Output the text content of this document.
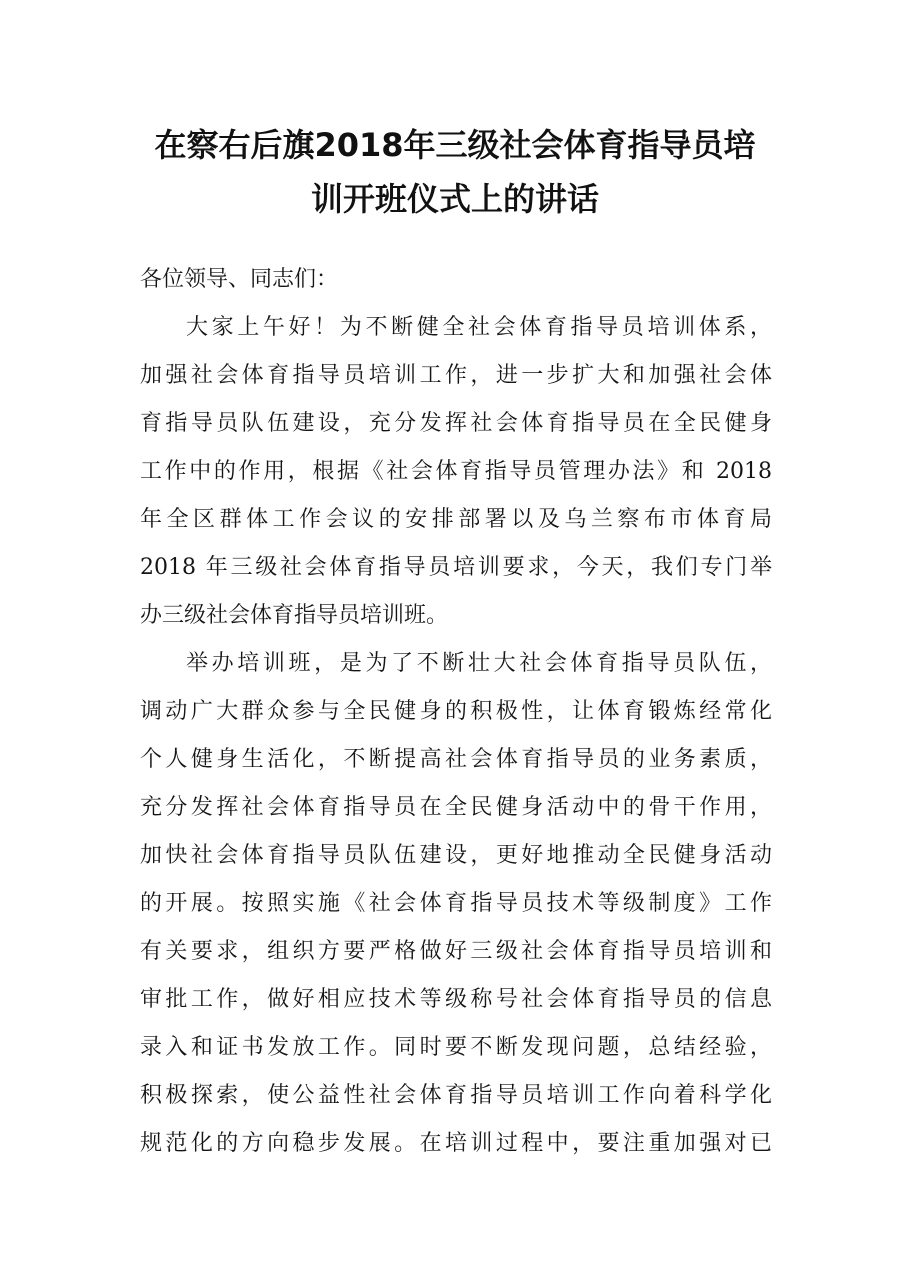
在察右后旗2018年三级社会体育指导员培
训开班仪式上的讲话
各位领导、同志们：
大家上午好！为不断健全社会体育指导员培训体系，
加强社会体育指导员培训工作，进一步扩大和加强社会体
育指导员队伍建设，充分发挥社会体育指导员在全民健身
工作中的作用，根据《社会体育指导员管理办法》和 2018
年全区群体工作会议的安排部署以及乌兰察布市体育局
2018 年三级社会体育指导员培训要求，今天，我们专门举
办三级社会体育指导员培训班。
举办培训班，是为了不断壮大社会体育指导员队伍，
调动广大群众参与全民健身的积极性，让体育锻炼经常化
个人健身生活化，不断提高社会体育指导员的业务素质，
充分发挥社会体育指导员在全民健身活动中的骨干作用，
加快社会体育指导员队伍建设，更好地推动全民健身活动
的开展。按照实施《社会体育指导员技术等级制度》工作
有关要求，组织方要严格做好三级社会体育指导员培训和
审批工作，做好相应技术等级称号社会体育指导员的信息
录入和证书发放工作。同时要不断发现问题，总结经验，
积极探索，使公益性社会体育指导员培训工作向着科学化
规范化的方向稳步发展。在培训过程中，要注重加强对已
